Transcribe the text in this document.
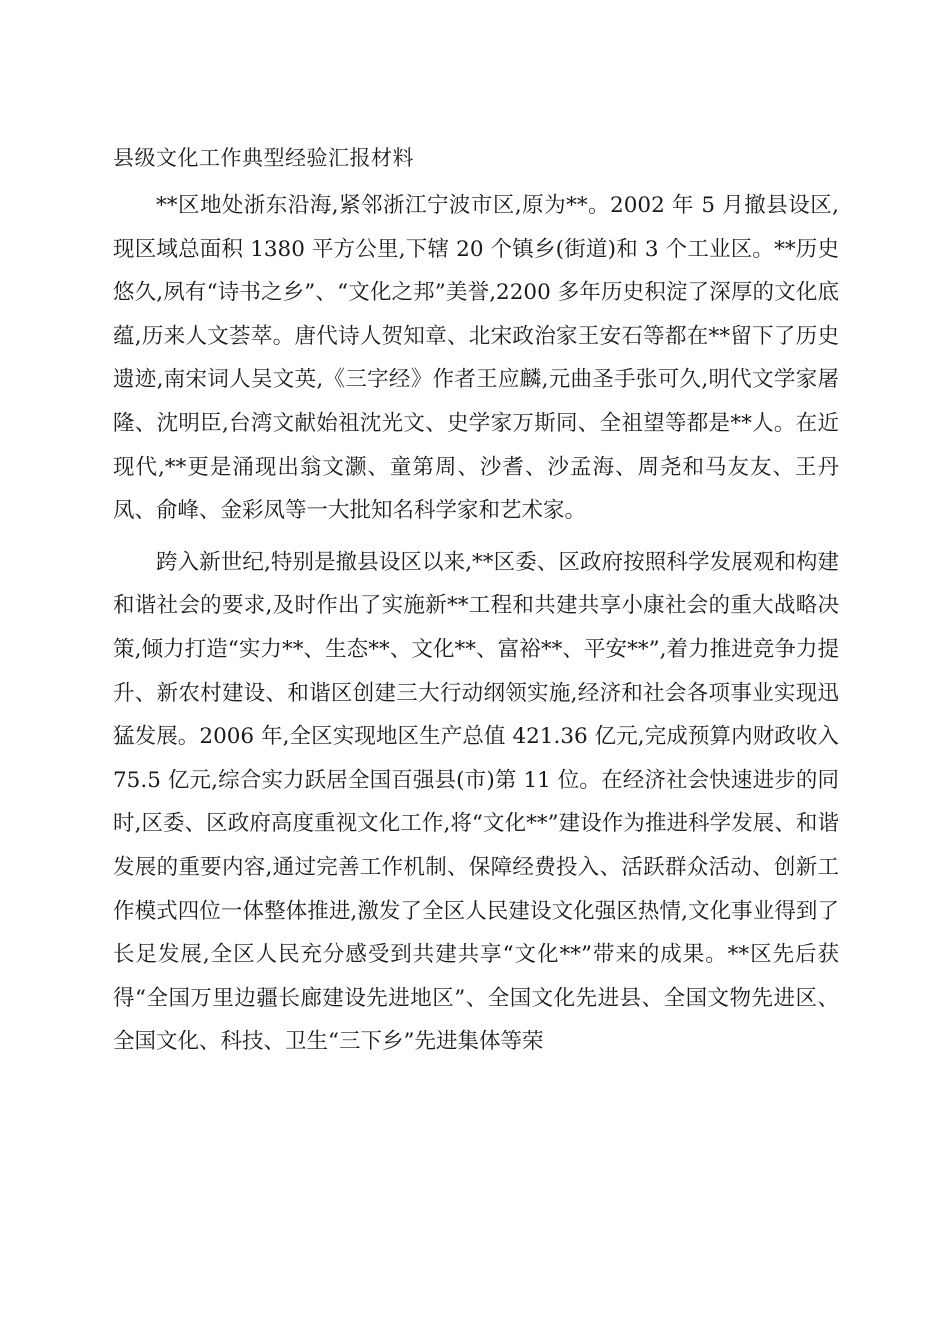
县级文化工作典型经验汇报材料

**区地处浙东沿海,紧邻浙江宁波市区,原为**。2002 年 5 月撤县设区,现区域总面积 1380 平方公里,下辖 20 个镇乡(街道)和 3 个工业区。**历史悠久,夙有“诗书之乡”、“文化之邦”美誉,2200 多年历史积淀了深厚的文化底蕴,历来人文荟萃。唐代诗人贺知章、北宋政治家王安石等都在**留下了历史遗迹,南宋词人吴文英,《三字经》作者王应麟,元曲圣手张可久,明代文学家屠隆、沈明臣,台湾文献始祖沈光文、史学家万斯同、全祖望等都是**人。在近现代,**更是涌现出翁文灏、童第周、沙耆、沙孟海、周尧和马友友、王丹凤、俞峰、金彩凤等一大批知名科学家和艺术家。

跨入新世纪,特别是撤县设区以来,**区委、区政府按照科学发展观和构建和谐社会的要求,及时作出了实施新**工程和共建共享小康社会的重大战略决策,倾力打造“实力**、生态**、文化**、富裕**、平安**”,着力推进竞争力提升、新农村建设、和谐区创建三大行动纲领实施,经济和社会各项事业实现迅猛发展。2006 年,全区实现地区生产总值 421.36 亿元,完成预算内财政收入 75.5 亿元,综合实力跃居全国百强县(市)第 11 位。在经济社会快速进步的同时,区委、区政府高度重视文化工作,将“文化**”建设作为推进科学发展、和谐发展的重要内容,通过完善工作机制、保障经费投入、活跃群众活动、创新工作模式四位一体整体推进,激发了全区人民建设文化强区热情,文化事业得到了长足发展,全区人民充分感受到共建共享“文化**”带来的成果。**区先后获得“全国万里边疆长廊建设先进地区”、全国文化先进县、全国文物先进区、全国文化、科技、卫生“三下乡”先进集体等荣
